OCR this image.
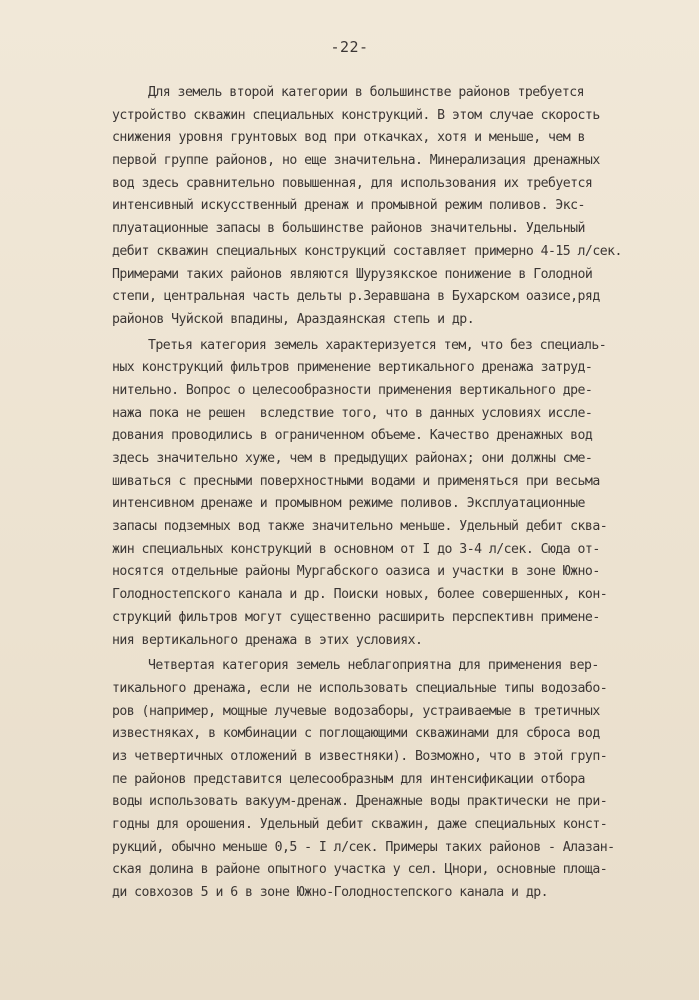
-22-
Для земель второй категории в большинстве районов требуется
устройство скважин специальных конструкций. В этом случае скорость
снижения уровня грунтовых вод при откачках, хотя и меньше, чем в
первой группе районов, но еще значительна. Минерализация дренажных
вод здесь сравнительно повышенная, для использования их требуется
интенсивный искусственный дренаж и промывной режим поливов. Экс-
плуатационные запасы в большинстве районов значительны. Удельный
дебит скважин специальных конструкций составляет примерно 4-15 л/сек.
Примерами таких районов являются Шурузякское понижение в Голодной
степи, центральная часть дельты р.Зеравшана в Бухарском оазисе,ряд
районов Чуйской впадины, Араздаянская степь и др.
Третья категория земель характеризуется тем, что без специаль-
ных конструкций фильтров применение вертикального дренажа затруд-
нительно. Вопрос о целесообразности применения вертикального дре-
нажа пока не решен  вследствие того, что в данных условиях иссле-
дования проводились в ограниченном объеме. Качество дренажных вод
здесь значительно хуже, чем в предыдущих районах; они должны сме-
шиваться с пресными поверхностными водами и применяться при весьма
интенсивном дренаже и промывном режиме поливов. Эксплуатационные
запасы подземных вод также значительно меньше. Удельный дебит сква-
жин специальных конструкций в основном от I до 3-4 л/сек. Сюда от-
носятся отдельные районы Мургабского оазиса и участки в зоне Южно-
Голодностепского канала и др. Поиски новых, более совершенных, кон-
струкций фильтров могут существенно расширить перспективн примене-
ния вертикального дренажа в этих условиях.
Четвертая категория земель неблагоприятна для применения вер-
тикального дренажа, если не использовать специальные типы водозабо-
ров (например, мощные лучевые водозаборы, устраиваемые в третичных
известняках, в комбинации с поглощающими скважинами для сброса вод
из четвертичных отложений в известняки). Возможно, что в этой груп-
пе районов представится целесообразным для интенсификации отбора
воды использовать вакуум-дренаж. Дренажные воды практически не при-
годны для орошения. Удельный дебит скважин, даже специальных конст-
рукций, обычно меньше 0,5 - I л/сек. Примеры таких районов - Алазан-
ская долина в районе опытного участка у сел. Цнори, основные площа-
ди совхозов 5 и 6 в зоне Южно-Голодностепского канала и др.
